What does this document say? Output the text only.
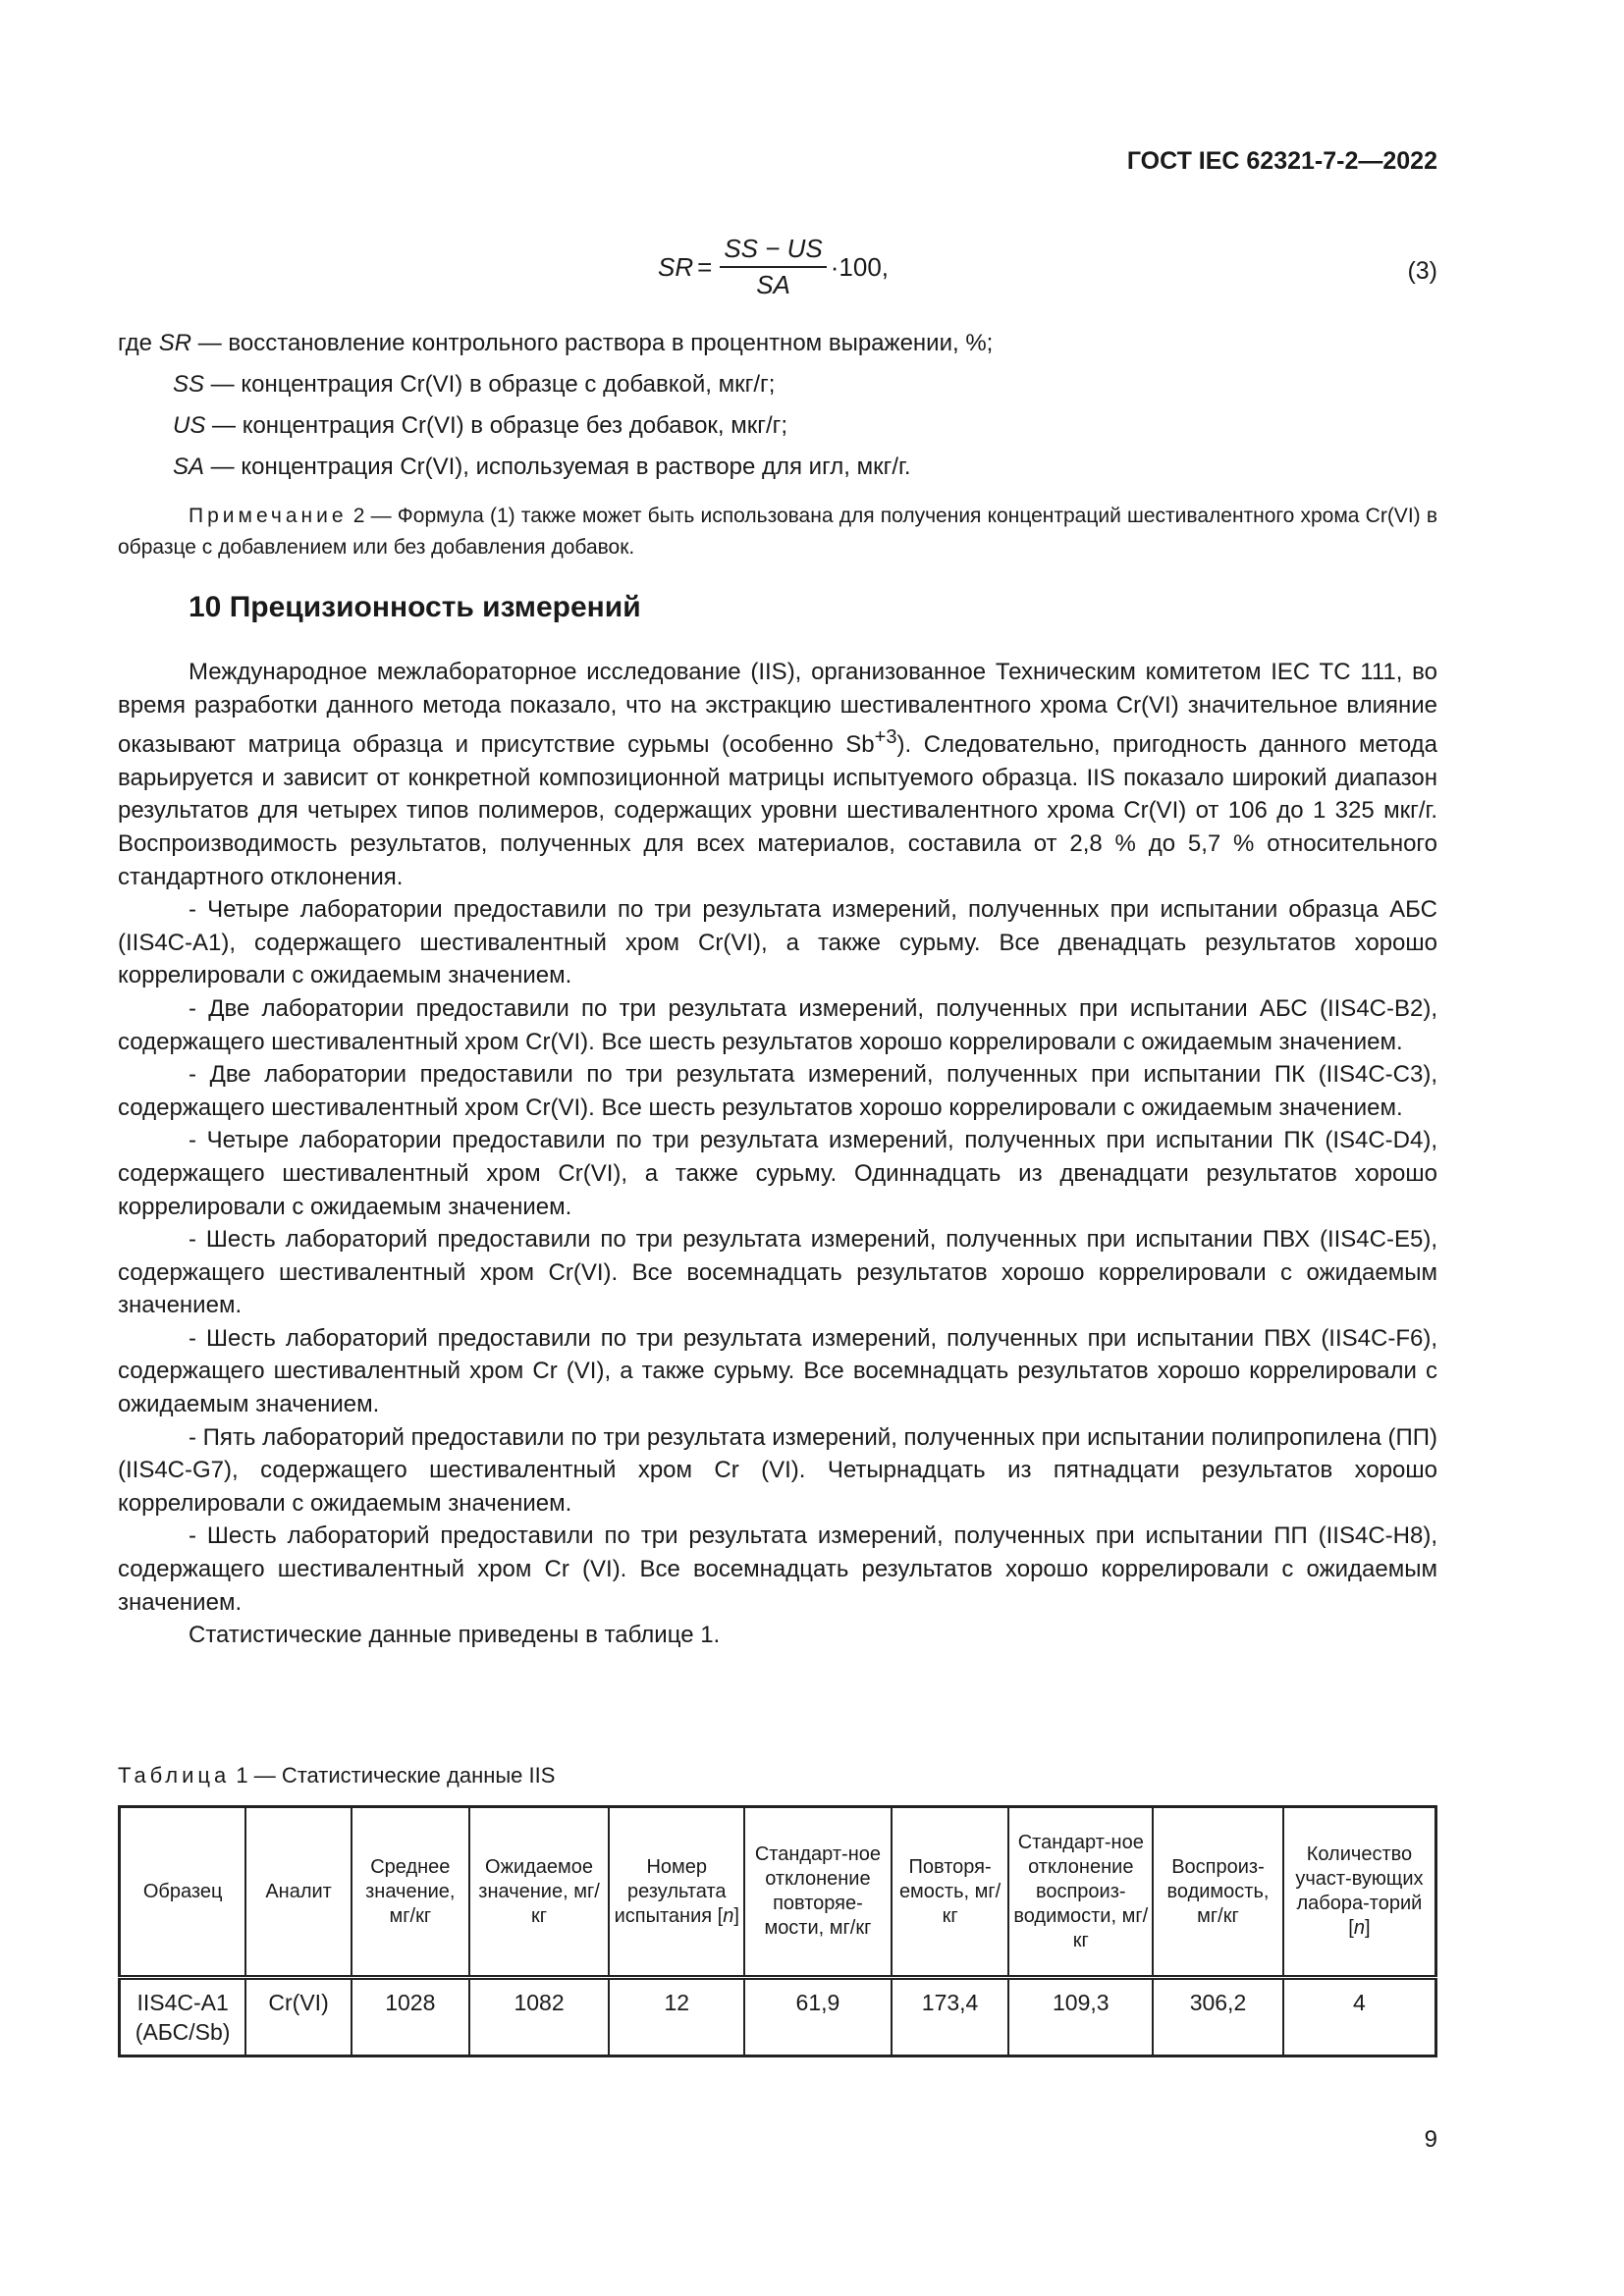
ГОСТ IEC 62321-7-2—2022
SR = $\frac{SS - US}{SA} \cdot 100$,	(3)
где SR — восстановление контрольного раствора в процентном выражении, %;
SS — концентрация Cr(VI) в образце с добавкой, мкг/г;
US — концентрация Cr(VI) в образце без добавок, мкг/г;
SA — концентрация Cr(VI), используемая в растворе для игл, мкг/г.
Примечание 2 — Формула (1) также может быть использована для получения концентраций шестивалентного хрома Cr(VI) в образце с добавлением или без добавления добавок.
10 Прецизионность измерений

Международное межлабораторное исследование (IIS), организованное Техническим комитетом IEC TC 111, во время разработки данного метода показало, что на экстракцию шестивалентного хрома Cr(VI) значительное влияние оказывают матрица образца и присутствие сурьмы (особенно $Sb^{+3}$). Следовательно, пригодность данного метода варьируется и зависит от конкретной композиционной матрицы испытуемого образца. IIS показало широкий диапазон результатов для четырех типов полимеров, содержащих уровни шестивалентного хрома Cr(VI) от 106 до 1 325 мкг/г. Воспроизводимость результатов, полученных для всех материалов, составила от 2,8 % до 5,7 % относительного стандартного отклонения.

- Четыре лаборатории предоставили по три результата измерений, полученных при испытании образца АБС (IIS4C-A1), содержащего шестивалентный хром Cr(VI), а также сурьму. Все двенадцать результатов хорошо коррелировали с ожидаемым значением.

- Две лаборатории предоставили по три результата измерений, полученных при испытании АБС (IIS4C-B2), содержащего шестивалентный хром Cr(VI). Все шесть результатов хорошо коррелировали с ожидаемым значением.

- Две лаборатории предоставили по три результата измерений, полученных при испытании ПК (IIS4C-C3), содержащего шестивалентный хром Cr(VI). Все шесть результатов хорошо коррелировали с ожидаемым значением.

- Четыре лаборатории предоставили по три результата измерений, полученных при испытании ПК (IS4C-D4), содержащего шестивалентный хром Cr(VI), а также сурьму. Одиннадцать из двенадцати результатов хорошо коррелировали с ожидаемым значением.

- Шесть лабораторий предоставили по три результата измерений, полученных при испытании ПВХ (IIS4C-E5), содержащего шестивалентный хром Cr(VI). Все восемнадцать результатов хорошо коррелировали с ожидаемым значением.

- Шесть лабораторий предоставили по три результата измерений, полученных при испытании ПВХ (IIS4C-F6), содержащего шестивалентный хром Cr (VI), а также сурьму. Все восемнадцать результатов хорошо коррелировали с ожидаемым значением.

- Пять лабораторий предоставили по три результата измерений, полученных при испытании полипропилена (ПП) (IIS4C-G7), содержащего шестивалентный хром Cr (VI). Четырнадцать из пятнадцати результатов хорошо коррелировали с ожидаемым значением.

- Шесть лабораторий предоставили по три результата измерений, полученных при испытании ПП (IIS4C-H8), содержащего шестивалентный хром Cr (VI). Все восемнадцать результатов хорошо коррелировали с ожидаемым значением.

Статистические данные приведены в таблице 1.

Таблица 1 — Статистические данные IIS
Образец	Аналит	Среднее значение, мг/кг	Ожидаемое значение, мг/кг	Номер результата испытания [n]	Стандарт-ное отклонение повторяе-мости, мг/кг	Повторя-емость, мг/кг	Стандарт-ное отклонение воспроиз-водимости, мг/кг	Воспроиз-водимость, мг/кг	Количество участ-вующих лабора-торий [n]
IIS4C-A1 (АБС/Sb)	Cr(VI)	1028	1082	12	61,9	173,4	109,3	306,2	4
9
